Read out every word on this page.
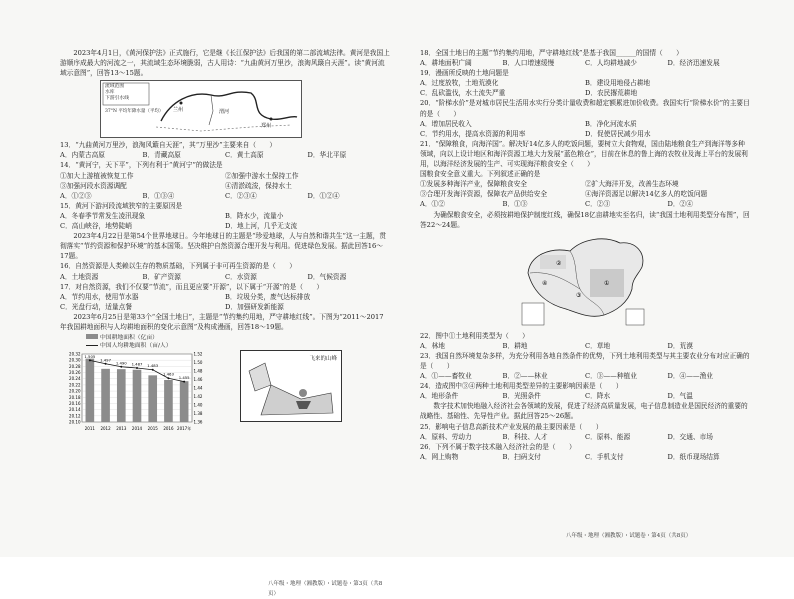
2023年4月1日，《黄河保护法》正式施行，它是继《长江保护法》后我国的第二部流域法律。黄河是我国上游顺序成最大的河流之一，其流域生态环境脆弱，古人用诗：“九曲黄河万里沙，浪淘风簸自天涯”。读“黄河流域示意图”，回答13～15题。

流域范围
水库
下游引水线
37°N 平均年降水量（平均） 兰州
郑州
渭河

13．“九曲黄河万里沙，浪淘风簸自天涯”，其“万里沙”主要来自（　　）

A．内蒙古高原	B．青藏高原	C．黄土高原	D．华北平原

14．“黄河宁，天下平”，下列有利于“黄河宁”的做法是

①加大上游植被恢复工作	②加强中游水土保持工作
③加强河段水资源调配	④清淤疏浚，保持水土
A．①②③	B．①③④	C．②③④	D．①②④

15．黄河下游河段流域狭窄的主要原因是

A．冬春季节常发生凌汛现象	B．降水少，流量小
C．高山峡谷，地势陡峭	D．地上河，几乎无支流

2023年4月22日是第54个世界地球日。今年地球日的主题是“珍爱地球，人与自然和谐共生”这一主题，贯彻落实“节约资源和保护环境”的基本国策。坚决维护自然资源合理开发与利用。促进绿色发展。据此回答16～17题。

16．自然资源是人类赖以生存的物质基础，下列属于非可再生资源的是（　　）

A．土地资源	B．矿产资源	C．水资源	D．气候资源

17．对自然资源，我们不仅要“节流”，而且更应要“开源”，以下属于“开源”的是（　　）

A．节约用水，使用节水器	B．垃圾分类，废气达标排放
C．光盘行动，适量点餐	D．加强研发新能源

2023年6月25日是第33个“全国土地日”，主题是“节约集约用地，严守耕地红线”。下图为“2011～2017年我国耕地面积与人均耕地面积的变化示意图”及构成漫画，回答18～19题。

中国耕地面积（亿亩）
中国人均耕地面积（亩/人）
20.32
20.30
20.28
20.26
20.24
20.22
20.20
20.18
20.16
20.14
20.12
20.10
1.52
1.50
1.48
1.46
1.44
1.42
1.40
1.38
1.36
2011
1.505
2012
1.497
2013
1.490
2014
1.487
2015
1.483
2016
1.463
2017年
1.455
飞来的山峰
八年级・地理（湘教版）・试题卷・第3页（共8页）

18．全国土地日的主题“节约集约用地，严守耕地红线”是基于我国______的国情（　　）

A．耕地面积广阔	B．人口增速缓慢	C．人均耕地减少	D．经济迅速发展

19．漫画所反映的土地问题是

A．过度放牧，土地荒漠化	B．建设用地侵占耕地
C．乱砍滥伐，水土流失严重	D．农民撂荒耕地

20．“阶梯水价”是对城市居民生活用水实行分类计量收费和超定额累进加价收费。我国实行“阶梯水价”的主要目的是（　　）

A．增加居民收入	B．净化河流水质
C．节约用水，提高水资源的利用率	D．促使居民减少用水

21．“保障粮食，向海洋国”。解决好14亿多人的吃饭问题，要树立大食物观，国由陆地粮食生产到海洋等多种领域，向以上设计地区和海洋资源工地大力发展“蓝色粮仓”，目前在休息的鲁上海的农牧业及海上平台的发展利用，以海洋经济发展的生产、可实现海洋粮食安全（　　）

国粮食安全意义重大。下列叙述正确的是

①发展多种海洋产业，保障粮食安全	②扩大海洋开发，改善生态环境
③合理开发海洋资源，保障农产品供给安全	④海洋资源足以解决14亿多人的吃饭问题
A．①②	B．①③	C．②③	D．②④

为确保粮食安全，必须按耕地保护制度红线，确保18亿亩耕地实至名归，读“我国土地利用类型分布图”，回答22～24题。

①
②
③
④

22．图中①土地利用类型为（　　）

A．林地	B．耕地	C．草地	D．荒漠

23．我国自然环境复杂多样，为充分利用各地自然条件的优势，下列土地利用类型与其主要农业分布对应正确的是（　　）

A．①——畜牧业	B．②——林业	C．③——种植业	D．④——渔业

24．造成图中③④两种土地利用类型差异的主要影响因素是（　　）

A．地形条件	B．光照条件	C．降水	D．气温

数字技术加快地融入经济社会各领域的发展，促进了经济高质量发展，电子信息制造业是国民经济的重要的战略性、基础性、先导性产业。据此回答25～26题。

25．影响电子信息高新技术产业发展的最主要因素是（　　）

A．原料、劳动力	B．科技、人才	C．原料、能源	D．交通、市场

26．下列不属于数字技术融入经济社会的是（　　）

A．网上购物	B．扫码支付	C．手机支付	D．纸币现场结算
八年级・地理（湘教版）・试题卷・第4页（共8页）
